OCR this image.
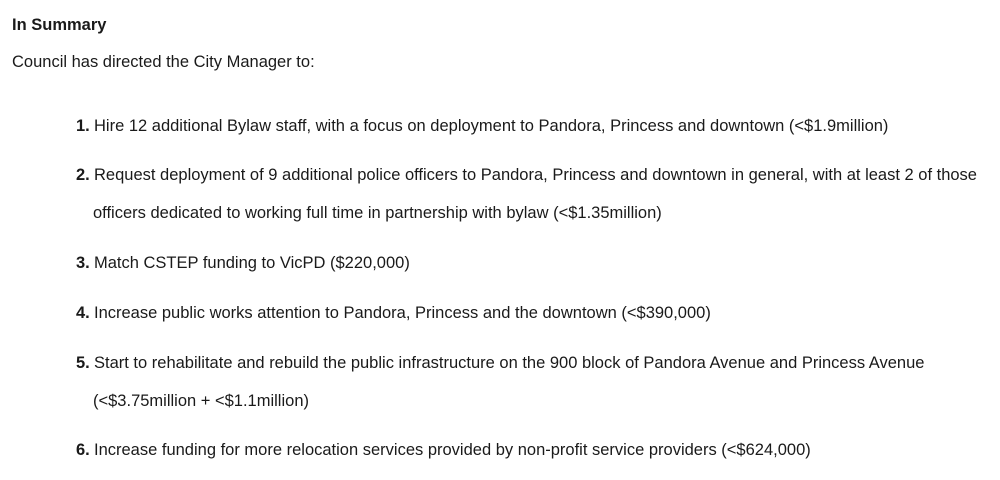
In Summary

Council has directed the City Manager to:

1. Hire 12 additional Bylaw staff, with a focus on deployment to Pandora, Princess and downtown (<$1.9million)
2. Request deployment of 9 additional police officers to Pandora, Princess and downtown in general, with at least 2 of those
officers dedicated to working full time in partnership with bylaw (<$1.35million)
3. Match CSTEP funding to VicPD ($220,000)
4. Increase public works attention to Pandora, Princess and the downtown (<$390,000)
5. Start to rehabilitate and rebuild the public infrastructure on the 900 block of Pandora Avenue and Princess Avenue
(<$3.75million + <$1.1million)
6. Increase funding for more relocation services provided by non-profit service providers (<$624,000)
